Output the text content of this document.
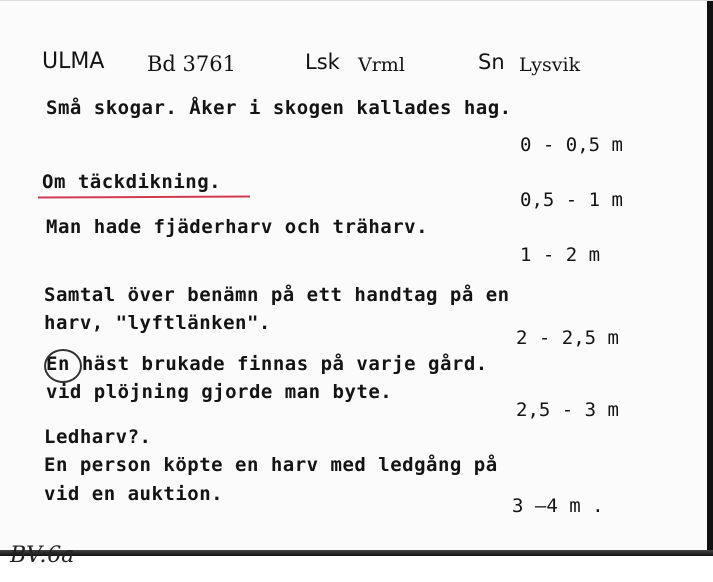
ULMA Bd 3761	Lsk Vrml	Sn Lysvik
Små skogar. Åker i skogen kallades hag.
Om täckdikning.
Man hade fjäderharv och träharv.
Samtal över benämn på ett handtag på en
harv, "lyftlänken".
En häst brukade finnas på varje gård.
vid plöjning gjorde man byte.
Ledharv?.
En person köpte en harv med ledgång på
vid en auktion.
0 - 0,5 m
0,5 - 1 m
1 - 2 m
2 - 2,5 m
2,5 - 3 m
3 —4 m .
BV:6a
